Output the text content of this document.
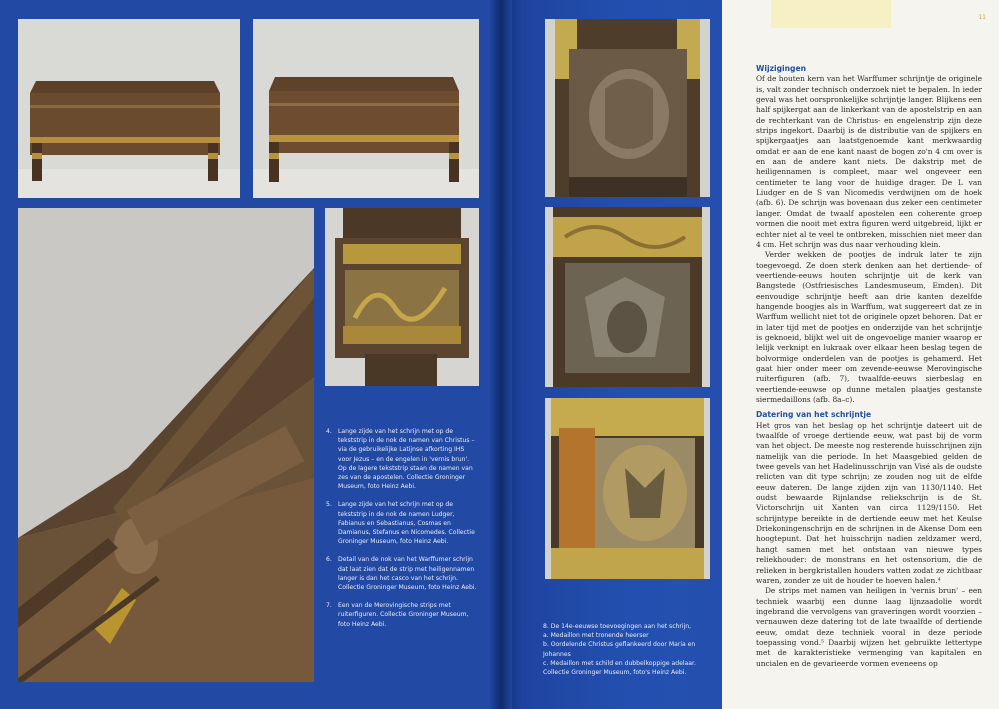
4.	Lange zijde van het schrijn met op de tekststrip in de nok de namen van Christus – via de gebruikelijke Latijnse afkorting IHS voor Jezus – en de engelen in 'vernis brun'. Op de lagere tekststrip staan de namen van zes van de apostelen. Collectie Groninger Museum, foto Heinz Aebi.
5.	Lange zijde van het schrijn met op de tekststrip in de nok de namen Ludger, Fabianus en Sebastianus, Cosmas en Damianus, Stefanus en Nicomedes. Collectie Groninger Museum, foto Heinz Aebi.
6.	Detail van de nok van het Warffumer schrijn dat laat zien dat de strip met heiligennamen langer is dan het casco van het schrijn. Collectie Groninger Museum, foto Heinz Aebi.
7.	Een van de Merovingische strips met ruiterfiguren. Collectie Groninger Museum, foto Heinz Aebi.	8. De 14e-eeuwse toevoegingen aan het schrijn,
a. Medaillon met tronende heerser
b. Oordelende Christus geflankeerd door Maria en Johannes
c. Medaillon met schild en dubbelkoppige adelaar. Collectie Groninger Museum, foto's Heinz Aebi.
11
Wijzigingen

Of de houten kern van het Warffumer schrijntje de originele is, valt zonder technisch onderzoek niet te bepalen. In ieder geval was het oorspronkelijke schrijntje langer. Blijkens een half spijkergat aan de linkerkant van de apostelstrip en aan de rechterkant van de Christus- en engelenstrip zijn deze strips ingekort. Daarbij is de distributie van de spijkers en spijkergaatjes aan laatstgenoemde kant merkwaardig omdat er aan de ene kant naast de bogen zo'n 4 cm over is en aan de andere kant niets. De dakstrip met de heiligennamen is compleet, maar wel ongeveer een centimeter te lang voor de huidige drager. De L van Liudger en de S van Nicomedis verdwijnen om de hoek (afb. 6). De schrijn was bovenaan dus zeker een centimeter langer. Omdat de twaalf apostelen een coherente groep vormen die nooit met extra figuren werd uitgebreid, lijkt er echter niet al te veel te ontbreken, misschien niet meer dan 4 cm. Het schrijn was dus naar verhouding klein.

Verder wekken de pootjes de indruk later te zijn toegevoegd. Ze doen sterk denken aan het dertiende- of veertiende-eeuws houten schrijntje uit de kerk van Bangstede (Ostfriesisches Landesmuseum, Emden). Dit eenvoudige schrijntje heeft aan drie kanten dezelfde hangende boogjes als in Warffum, wat suggereert dat ze in Warffum wellicht niet tot de originele opzet behoren. Dat er in later tijd met de pootjes en onderzijde van het schrijntje is geknoeid, blijkt wel uit de ongevoelige manier waarop er lelijk verknipt en lukraak over elkaar heen beslag tegen de bolvormige onderdelen van de pootjes is gehamerd. Het gaat hier onder meer om zevende-eeuwse Merovingische ruiterfiguren (afb. 7), twaalfde-eeuws sierbeslag en veertiende-eeuwse op dunne metalen plaatjes gestanste siermedaillons (afb. 8a–c).

Datering van het schrijntje

Het gros van het beslag op het schrijntje dateert uit de twaalfde of vroege dertiende eeuw, wat past bij de vorm van het object. De meeste nog resterende huisschrijnen zijn namelijk van die periode. In het Maasgebied gelden de twee gevels van het Hadelinusschrijn van Visé als de oudste relicten van dit type schrijn; ze zouden nog uit de elfde eeuw dateren. De lange zijden zijn van 1130/1140. Het oudst bewaarde Rijnlandse reliekschrijn is de St. Victorschrijn uit Xanten van circa 1129/1150. Het schrijntype bereikte in de dertiende eeuw met het Keulse Driekoningenschrijn en de schrijnen in de Akense Dom een hoogtepunt. Dat het huisschrijn nadien zeldzamer werd, hangt samen met het ontstaan van nieuwe types reliekhouder: de monstrans en het ostensorium, die de relieken in bergkristallen houders vatten zodat ze zichtbaar waren, zonder ze uit de houder te hoeven halen.⁴

De strips met namen van heiligen in 'vernis brun' – een techniek waarbij een dunne laag lijnzaadolie wordt ingebrand die vervolgens van graveringen wordt voorzien – vernauwen deze datering tot de late twaalfde of dertiende eeuw, omdat deze techniek vooral in deze periode toepassing vond.⁵ Daarbij wijzen het gebruikte lettertype met de karakteristieke vermenging van kapitalen en uncialen en de gevarieerde vormen eveneens op
